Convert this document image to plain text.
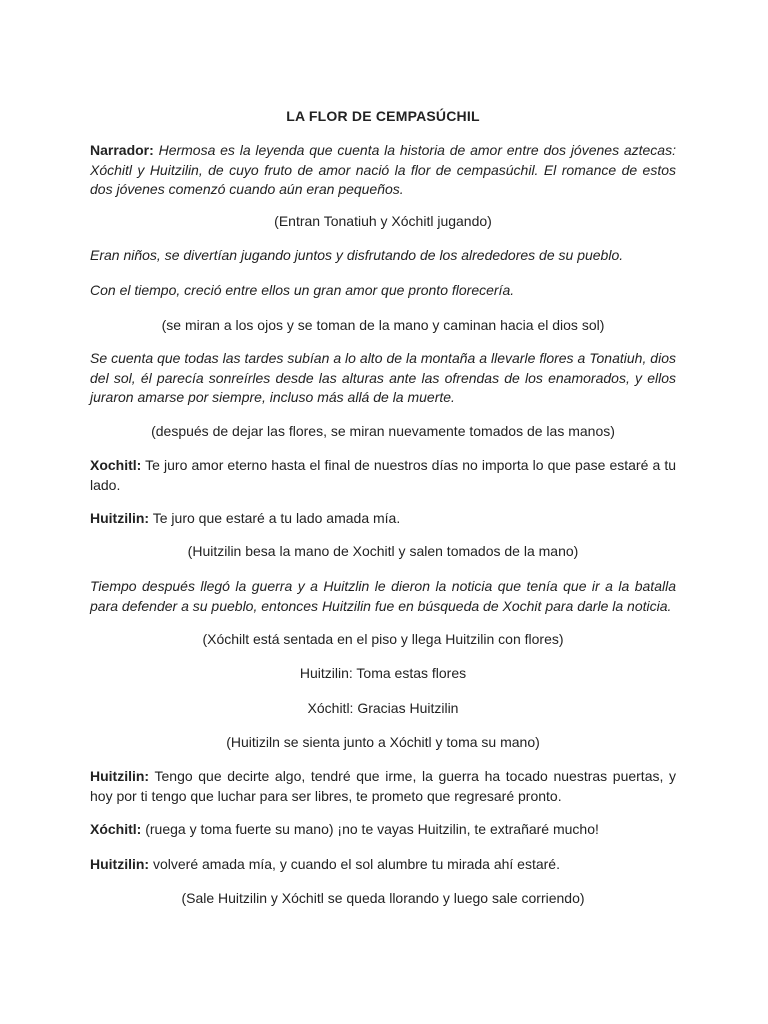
LA FLOR DE CEMPASÚCHIL

Narrador: Hermosa es la leyenda que cuenta la historia de amor entre dos jóvenes aztecas: Xóchitl y Huitzilin, de cuyo fruto de amor nació la flor de cempasúchil. El romance de estos dos jóvenes comenzó cuando aún eran pequeños.

(Entran Tonatiuh y Xóchitl jugando)

Eran niños, se divertían jugando juntos y disfrutando de los alrededores de su pueblo.

Con el tiempo, creció entre ellos un gran amor que pronto florecería.

(se miran a los ojos y se toman de la mano y caminan hacia el dios sol)

Se cuenta que todas las tardes subían a lo alto de la montaña a llevarle flores a Tonatiuh, dios del sol, él parecía sonreírles desde las alturas ante las ofrendas de los enamorados, y ellos juraron amarse por siempre, incluso más allá de la muerte.

(después de dejar las flores, se miran nuevamente tomados de las manos)

Xochitl: Te juro amor eterno hasta el final de nuestros días no importa lo que pase estaré a tu lado.

Huitzilin: Te juro que estaré a tu lado amada mía.

(Huitzilin besa la mano de Xochitl y salen tomados de la mano)

Tiempo después llegó la guerra y a Huitzlin le dieron la noticia que tenía que ir a la batalla para defender a su pueblo, entonces Huitzilin fue en búsqueda de Xochit para darle la noticia.

(Xóchilt está sentada en el piso y llega Huitzilin con flores)

Huitzilin: Toma estas flores

Xóchitl: Gracias Huitzilin

(Huitiziln se sienta junto a Xóchitl y toma su mano)

Huitzilin: Tengo que decirte algo, tendré que irme, la guerra ha tocado nuestras puertas, y hoy por ti tengo que luchar para ser libres, te prometo que regresaré pronto.

Xóchitl: (ruega y toma fuerte su mano) ¡no te vayas Huitzilin, te extrañaré mucho!

Huitzilin: volveré amada mía, y cuando el sol alumbre tu mirada ahí estaré.

(Sale Huitzilin y Xóchitl se queda llorando y luego sale corriendo)
